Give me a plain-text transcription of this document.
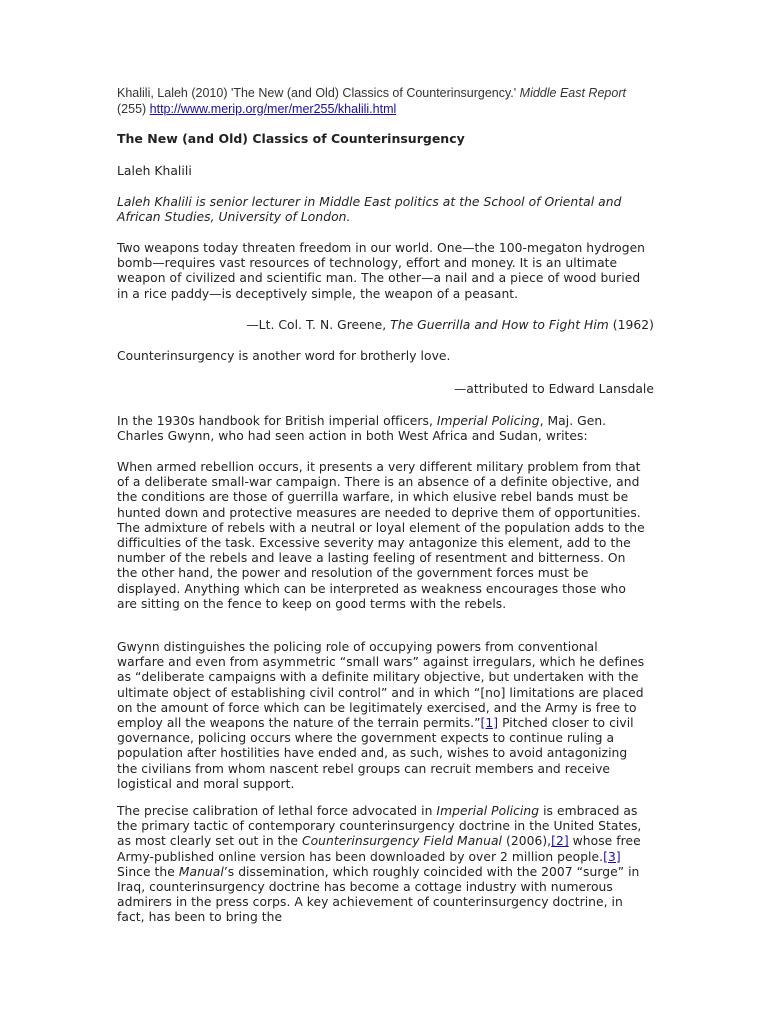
Khalili, Laleh (2010) 'The New (and Old) Classics of Counterinsurgency.' Middle East Report (255) http://www.merip.org/mer/mer255/khalili.html
The New (and Old) Classics of Counterinsurgency
Laleh Khalili
Laleh Khalili is senior lecturer in Middle East politics at the School of Oriental and African Studies, University of London.
Two weapons today threaten freedom in our world. One—the 100-megaton hydrogen bomb—requires vast resources of technology, effort and money. It is an ultimate weapon of civilized and scientific man. The other—a nail and a piece of wood buried in a rice paddy—is deceptively simple, the weapon of a peasant.
—Lt. Col. T. N. Greene, The Guerrilla and How to Fight Him (1962)
Counterinsurgency is another word for brotherly love.
—attributed to Edward Lansdale
In the 1930s handbook for British imperial officers, Imperial Policing, Maj. Gen. Charles Gwynn, who had seen action in both West Africa and Sudan, writes:
When armed rebellion occurs, it presents a very different military problem from that of a deliberate small-war campaign. There is an absence of a definite objective, and the conditions are those of guerrilla warfare, in which elusive rebel bands must be hunted down and protective measures are needed to deprive them of opportunities. The admixture of rebels with a neutral or loyal element of the population adds to the difficulties of the task. Excessive severity may antagonize this element, add to the number of the rebels and leave a lasting feeling of resentment and bitterness. On the other hand, the power and resolution of the government forces must be displayed. Anything which can be interpreted as weakness encourages those who are sitting on the fence to keep on good terms with the rebels.
Gwynn distinguishes the policing role of occupying powers from conventional warfare and even from asymmetric “small wars” against irregulars, which he defines as “deliberate campaigns with a definite military objective, but undertaken with the ultimate object of establishing civil control” and in which “[no] limitations are placed on the amount of force which can be legitimately exercised, and the Army is free to employ all the weapons the nature of the terrain permits.”[1] Pitched closer to civil governance, policing occurs where the government expects to continue ruling a population after hostilities have ended and, as such, wishes to avoid antagonizing the civilians from whom nascent rebel groups can recruit members and receive logistical and moral support.
The precise calibration of lethal force advocated in Imperial Policing is embraced as the primary tactic of contemporary counterinsurgency doctrine in the United States, as most clearly set out in the Counterinsurgency Field Manual (2006),[2] whose free Army-published online version has been downloaded by over 2 million people.[3] Since the Manual’s dissemination, which roughly coincided with the 2007 “surge” in Iraq, counterinsurgency doctrine has become a cottage industry with numerous admirers in the press corps. A key achievement of counterinsurgency doctrine, in fact, has been to bring the
